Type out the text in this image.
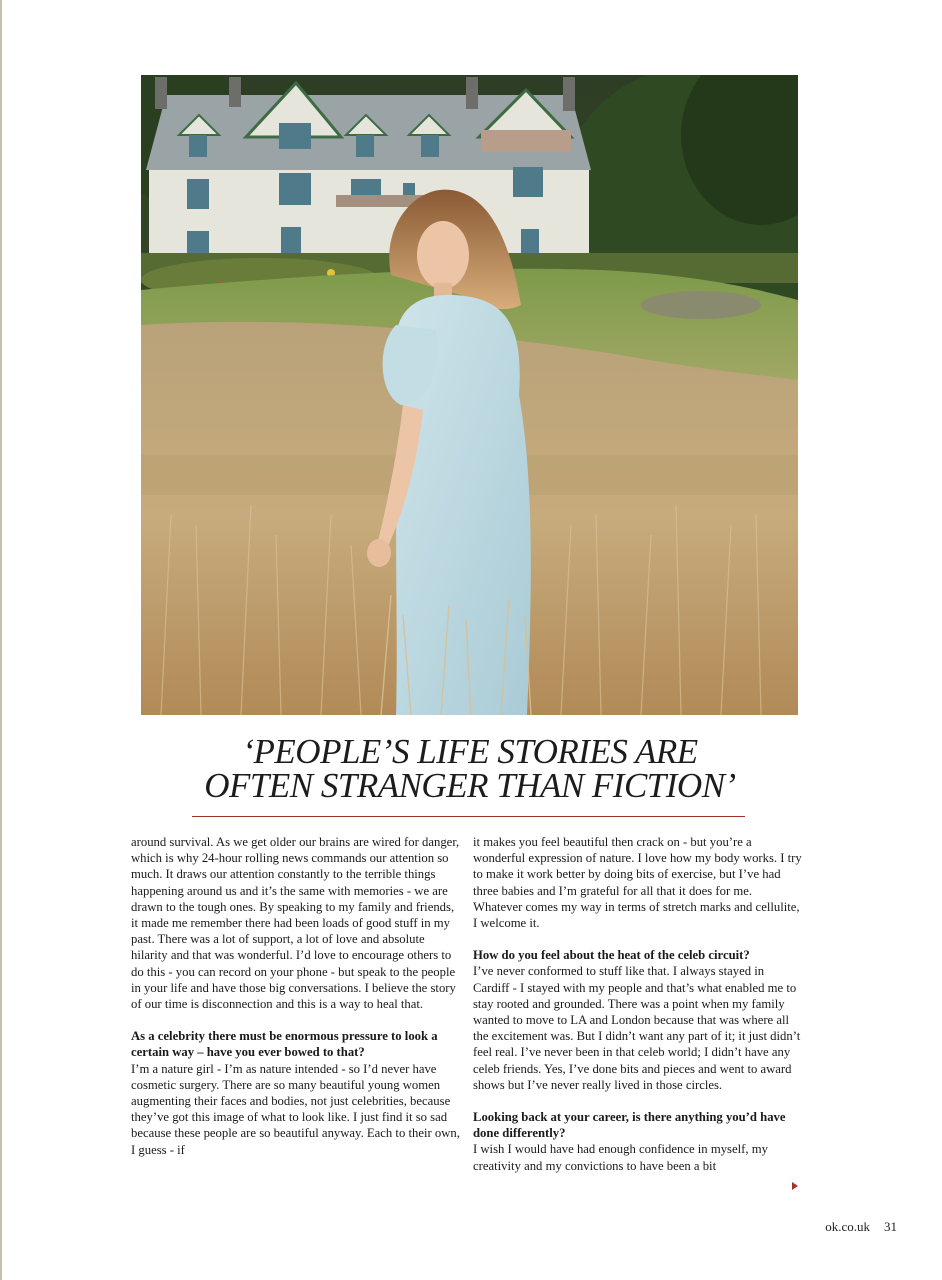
‘PEOPLE’S LIFE STORIES ARE
OFTEN STRANGER THAN FICTION’

around survival. As we get older our brains are wired for danger, which is why 24-hour rolling news commands our attention so much. It draws our attention constantly to the terrible things happening around us and it’s the same with memories - we are drawn to the tough ones. By speaking to my family and friends, it made me remember there had been loads of good stuff in my past. There was a lot of support, a lot of love and absolute hilarity and that was wonderful. I’d love to encourage others to do this - you can record on your phone - but speak to the people in your life and have those big conversations. I believe the story of our time is disconnection and this is a way to heal that.

As a celebrity there must be enormous pressure to look a certain way – have you ever bowed to that?

I’m a nature girl - I’m as nature intended - so I’d never have cosmetic surgery. There are so many beautiful young women augmenting their faces and bodies, not just celebrities, because they’ve got this image of what to look like. I just find it so sad because these people are so beautiful anyway. Each to their own, I guess - if

it makes you feel beautiful then crack on - but you’re a wonderful expression of nature. I love how my body works. I try to make it work better by doing bits of exercise, but I’ve had three babies and I’m grateful for all that it does for me. Whatever comes my way in terms of stretch marks and cellulite, I welcome it.

How do you feel about the heat of the celeb circuit?

I’ve never conformed to stuff like that. I always stayed in Cardiff - I stayed with my people and that’s what enabled me to stay rooted and grounded. There was a point when my family wanted to move to LA and London because that was where all the excitement was. But I didn’t want any part of it; it just didn’t feel real. I’ve never been in that celeb world; I didn’t have any celeb friends. Yes, I’ve done bits and pieces and went to award shows but I’ve never really lived in those circles.

Looking back at your career, is there anything you’d have done differently?

I wish I would have had enough confidence in myself, my creativity and my convictions to have been a bit

ok.co.uk 31
